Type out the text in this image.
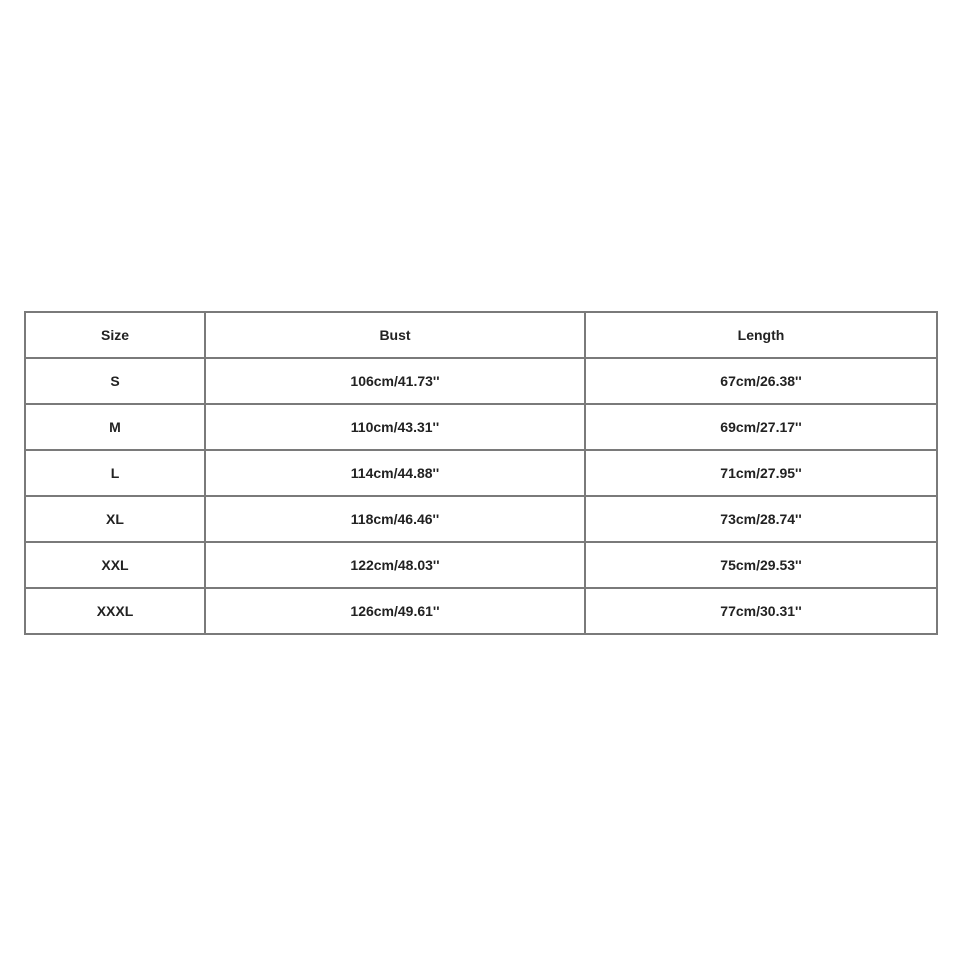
Size	Bust	Length
S	106cm/41.73''	67cm/26.38''
M	110cm/43.31''	69cm/27.17''
L	114cm/44.88''	71cm/27.95''
XL	118cm/46.46''	73cm/28.74''
XXL	122cm/48.03''	75cm/29.53''
XXXL	126cm/49.61''	77cm/30.31''
